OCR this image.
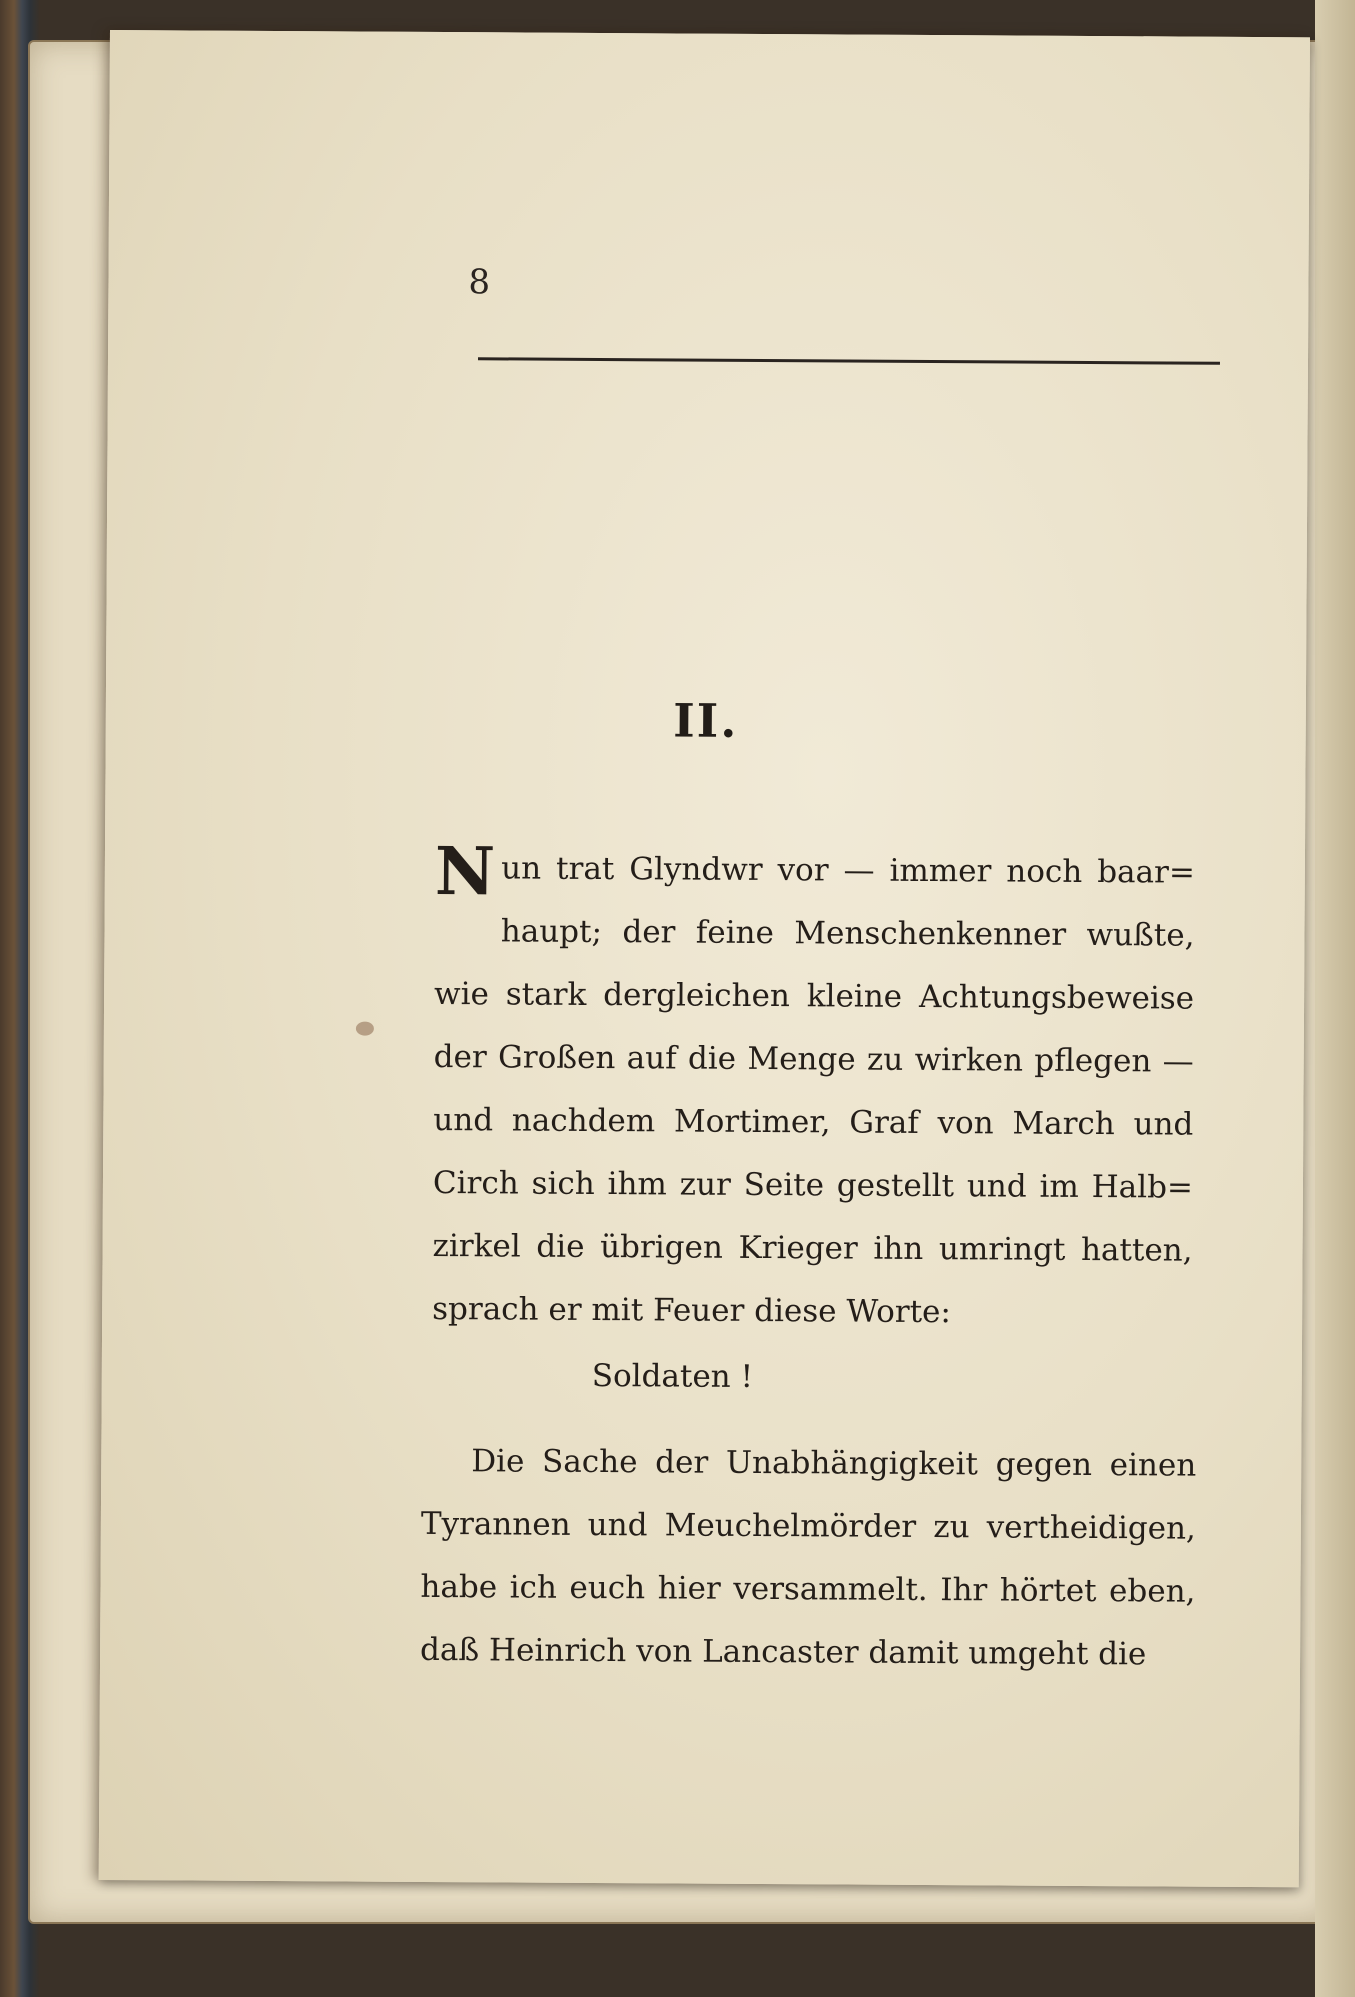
8
II.
N un trat Glyndwr vor — immer noch baar= haupt; der feine Menschenkenner wußte, wie stark dergleichen kleine Achtungsbeweise der Großen auf die Menge zu wirken pflegen — und nachdem Mortimer, Graf von March und Circh sich ihm zur Seite gestellt und im Halb= zirkel die übrigen Krieger ihn umringt hatten, sprach er mit Feuer diese Worte:
Soldaten !
Die Sache der Unabhängigkeit gegen einen Tyrannen und Meuchelmörder zu vertheidigen, habe ich euch hier versammelt. Ihr hörtet eben, daß Heinrich von Lancaster damit umgeht die
